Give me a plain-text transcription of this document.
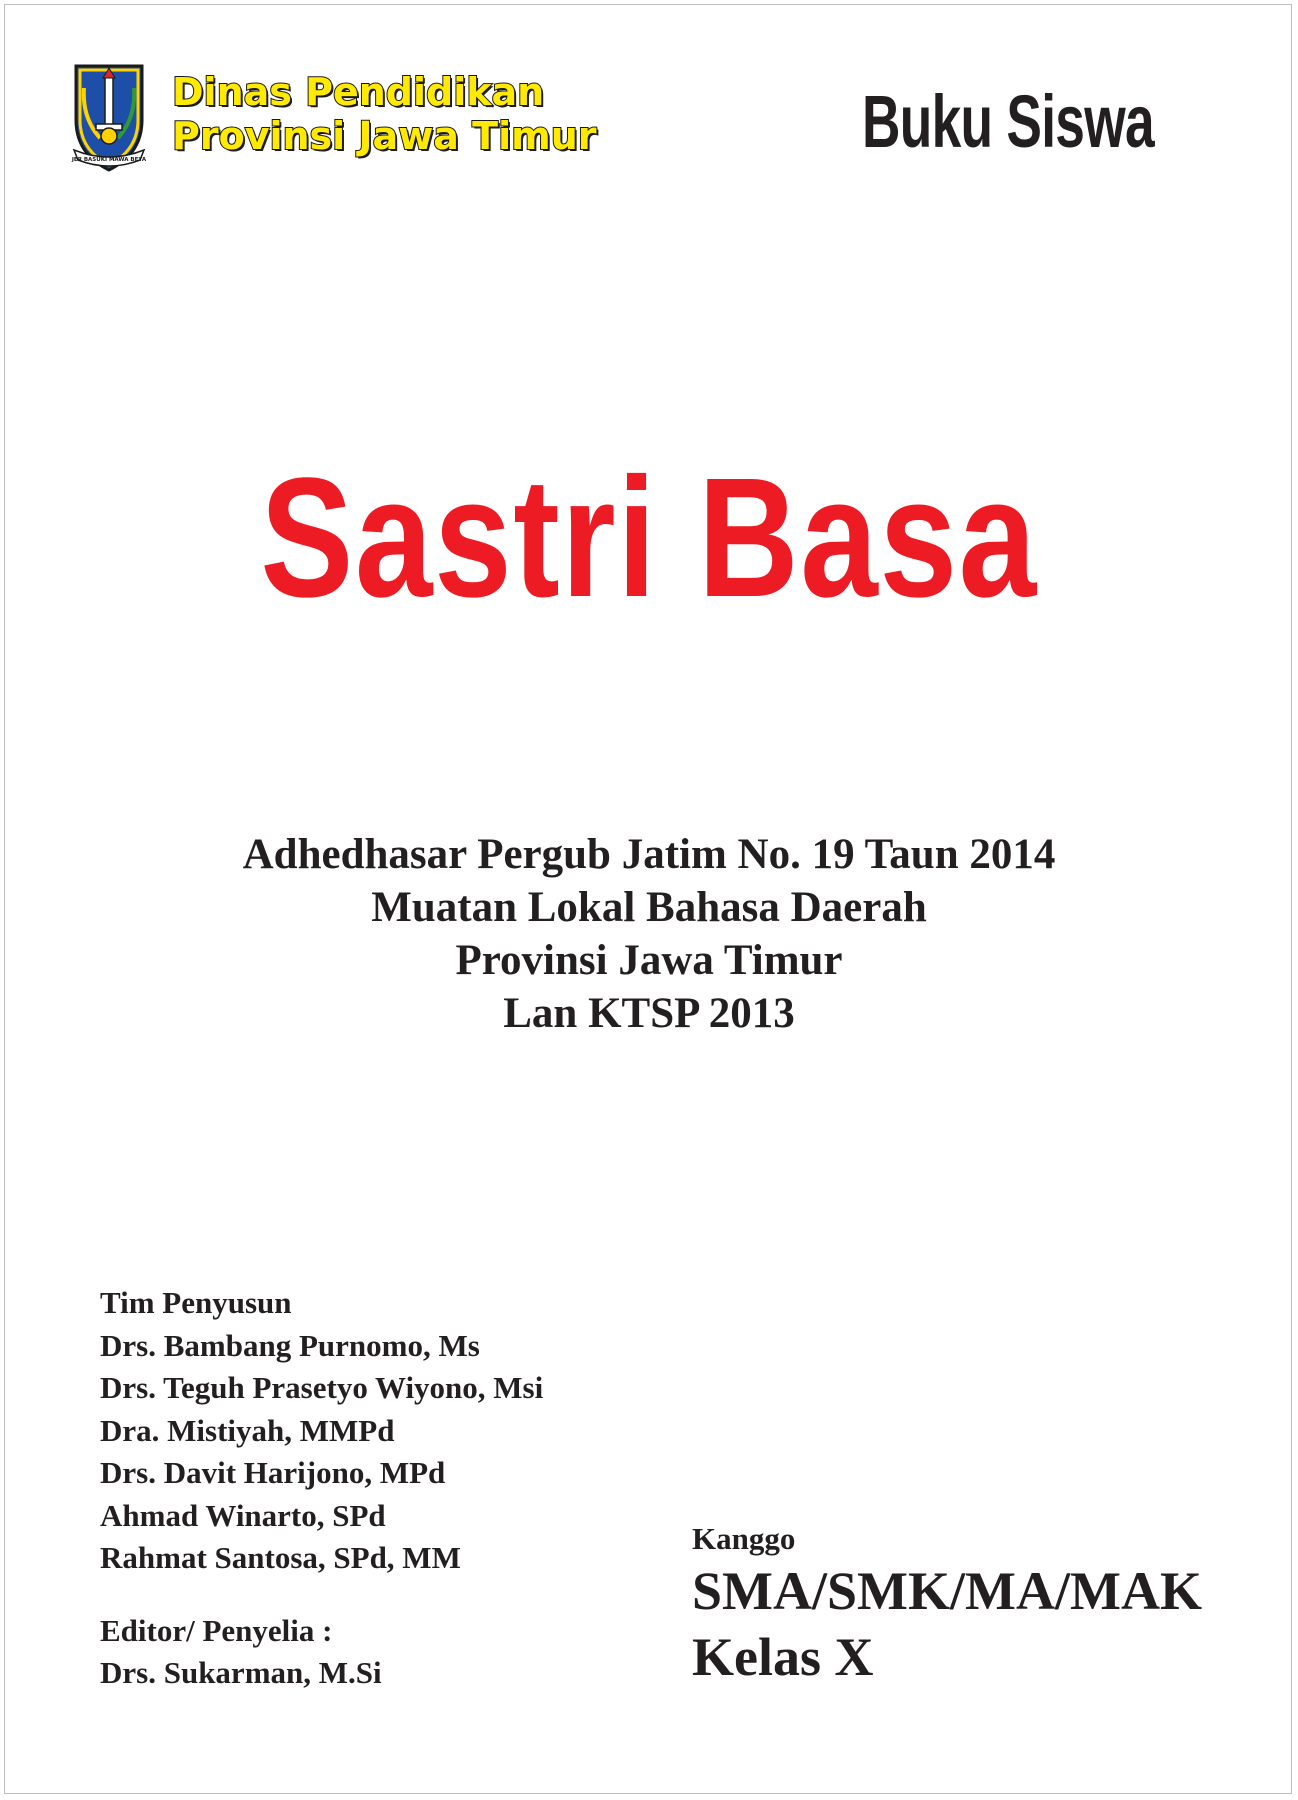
JER BASUKI MAWA BEYA
Dinas Pendidikan
Provinsi Jawa Timur	Buku Siswa
Sastri Basa
Adhedhasar Pergub Jatim No. 19 Taun 2014
Muatan Lokal Bahasa Daerah
Provinsi Jawa Timur
Lan KTSP 2013
Tim Penyusun
Drs. Bambang Purnomo, Ms
Drs. Teguh Prasetyo Wiyono, Msi
Dra. Mistiyah, MMPd
Drs. Davit Harijono, MPd
Ahmad Winarto, SPd
Rahmat Santosa, SPd, MM
Editor/ Penyelia :
Drs. Sukarman, M.Si
Kanggo
SMA/SMK/MA/MAK
Kelas X
